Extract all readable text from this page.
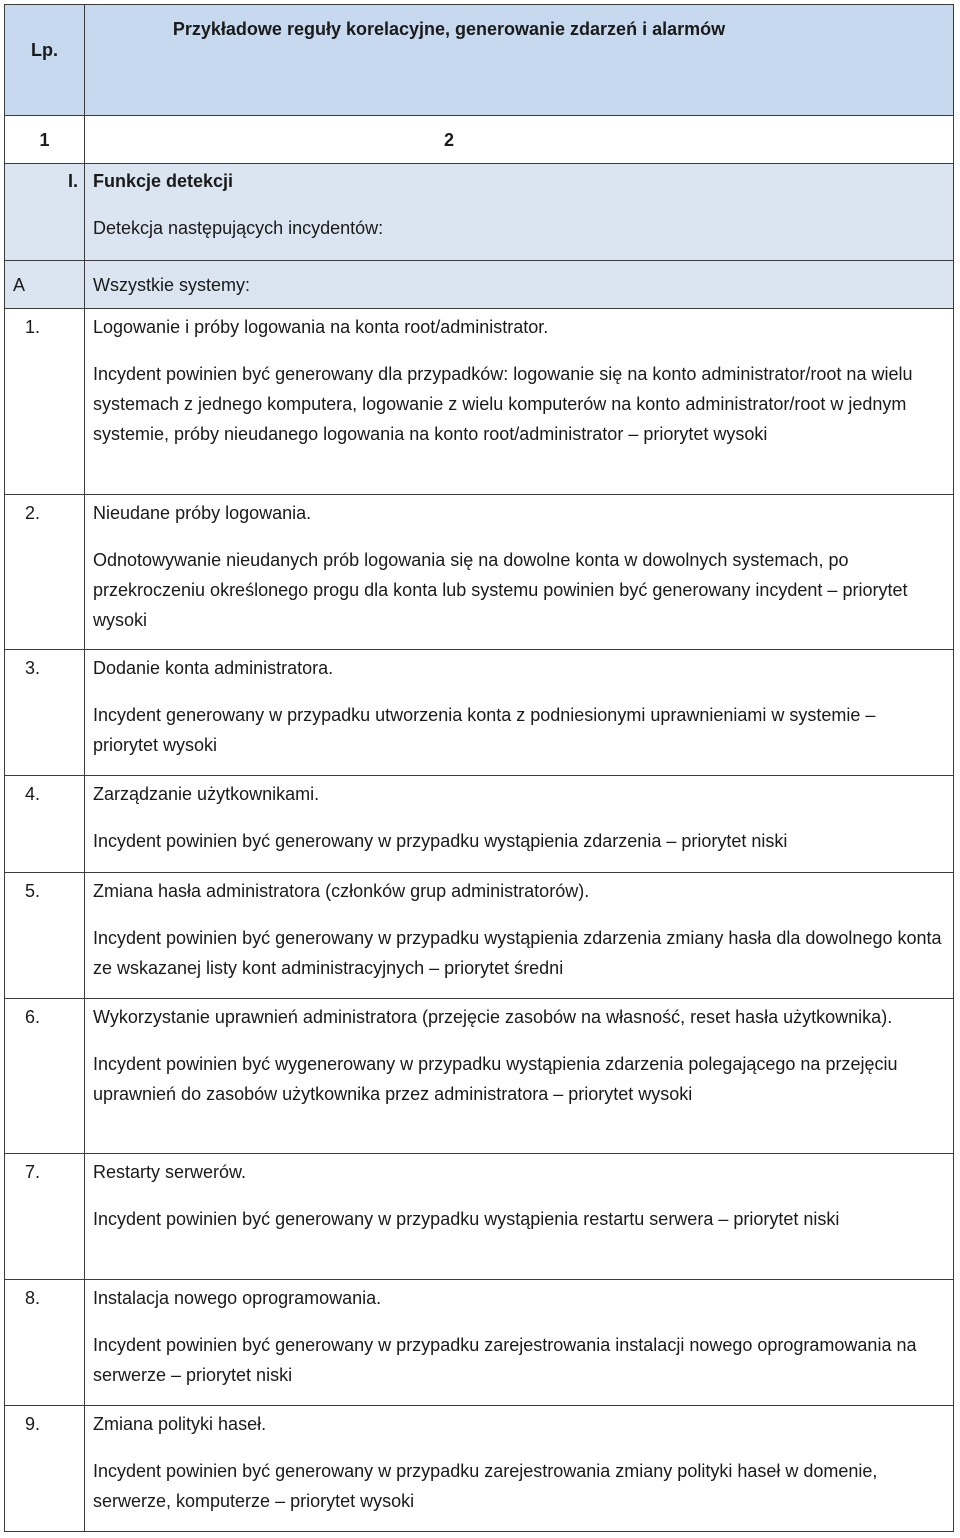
Lp.	Przykładowe reguły korelacyjne, generowanie zdarzeń i alarmów

1	2

I.	Funkcje detekcji
Detekcja następujących incydentów:

A	Wszystkie systemy:

1.	Logowanie i próby logowania na konta root/administrator.
Incydent powinien być generowany dla przypadków: logowanie się na konto administrator/root na wielu systemach z jednego komputera, logowanie z wielu komputerów na konto administrator/root w jednym systemie, próby nieudanego logowania na konto root/administrator – priorytet wysoki

2.	Nieudane próby logowania.
Odnotowywanie nieudanych prób logowania się na dowolne konta w dowolnych systemach, po przekroczeniu określonego progu dla konta lub systemu powinien być generowany incydent – priorytet wysoki

3.	Dodanie konta administratora.
Incydent generowany w przypadku utworzenia konta z podniesionymi uprawnieniami w systemie – priorytet wysoki

4.	Zarządzanie użytkownikami.
Incydent powinien być generowany w przypadku wystąpienia zdarzenia – priorytet niski

5.	Zmiana hasła administratora (członków grup administratorów).
Incydent powinien być generowany w przypadku wystąpienia zdarzenia zmiany hasła dla dowolnego konta ze wskazanej listy kont administracyjnych – priorytet średni

6.	Wykorzystanie uprawnień administratora (przejęcie zasobów na własność, reset hasła użytkownika).
Incydent powinien być wygenerowany w przypadku wystąpienia zdarzenia polegającego na przejęciu uprawnień do zasobów użytkownika przez administratora – priorytet wysoki

7.	Restarty serwerów.
Incydent powinien być generowany w przypadku wystąpienia restartu serwera – priorytet niski

8.	Instalacja nowego oprogramowania.
Incydent powinien być generowany w przypadku zarejestrowania instalacji nowego oprogramowania na serwerze – priorytet niski

9.	Zmiana polityki haseł.
Incydent powinien być generowany w przypadku zarejestrowania zmiany polityki haseł w domenie, serwerze, komputerze – priorytet wysoki
